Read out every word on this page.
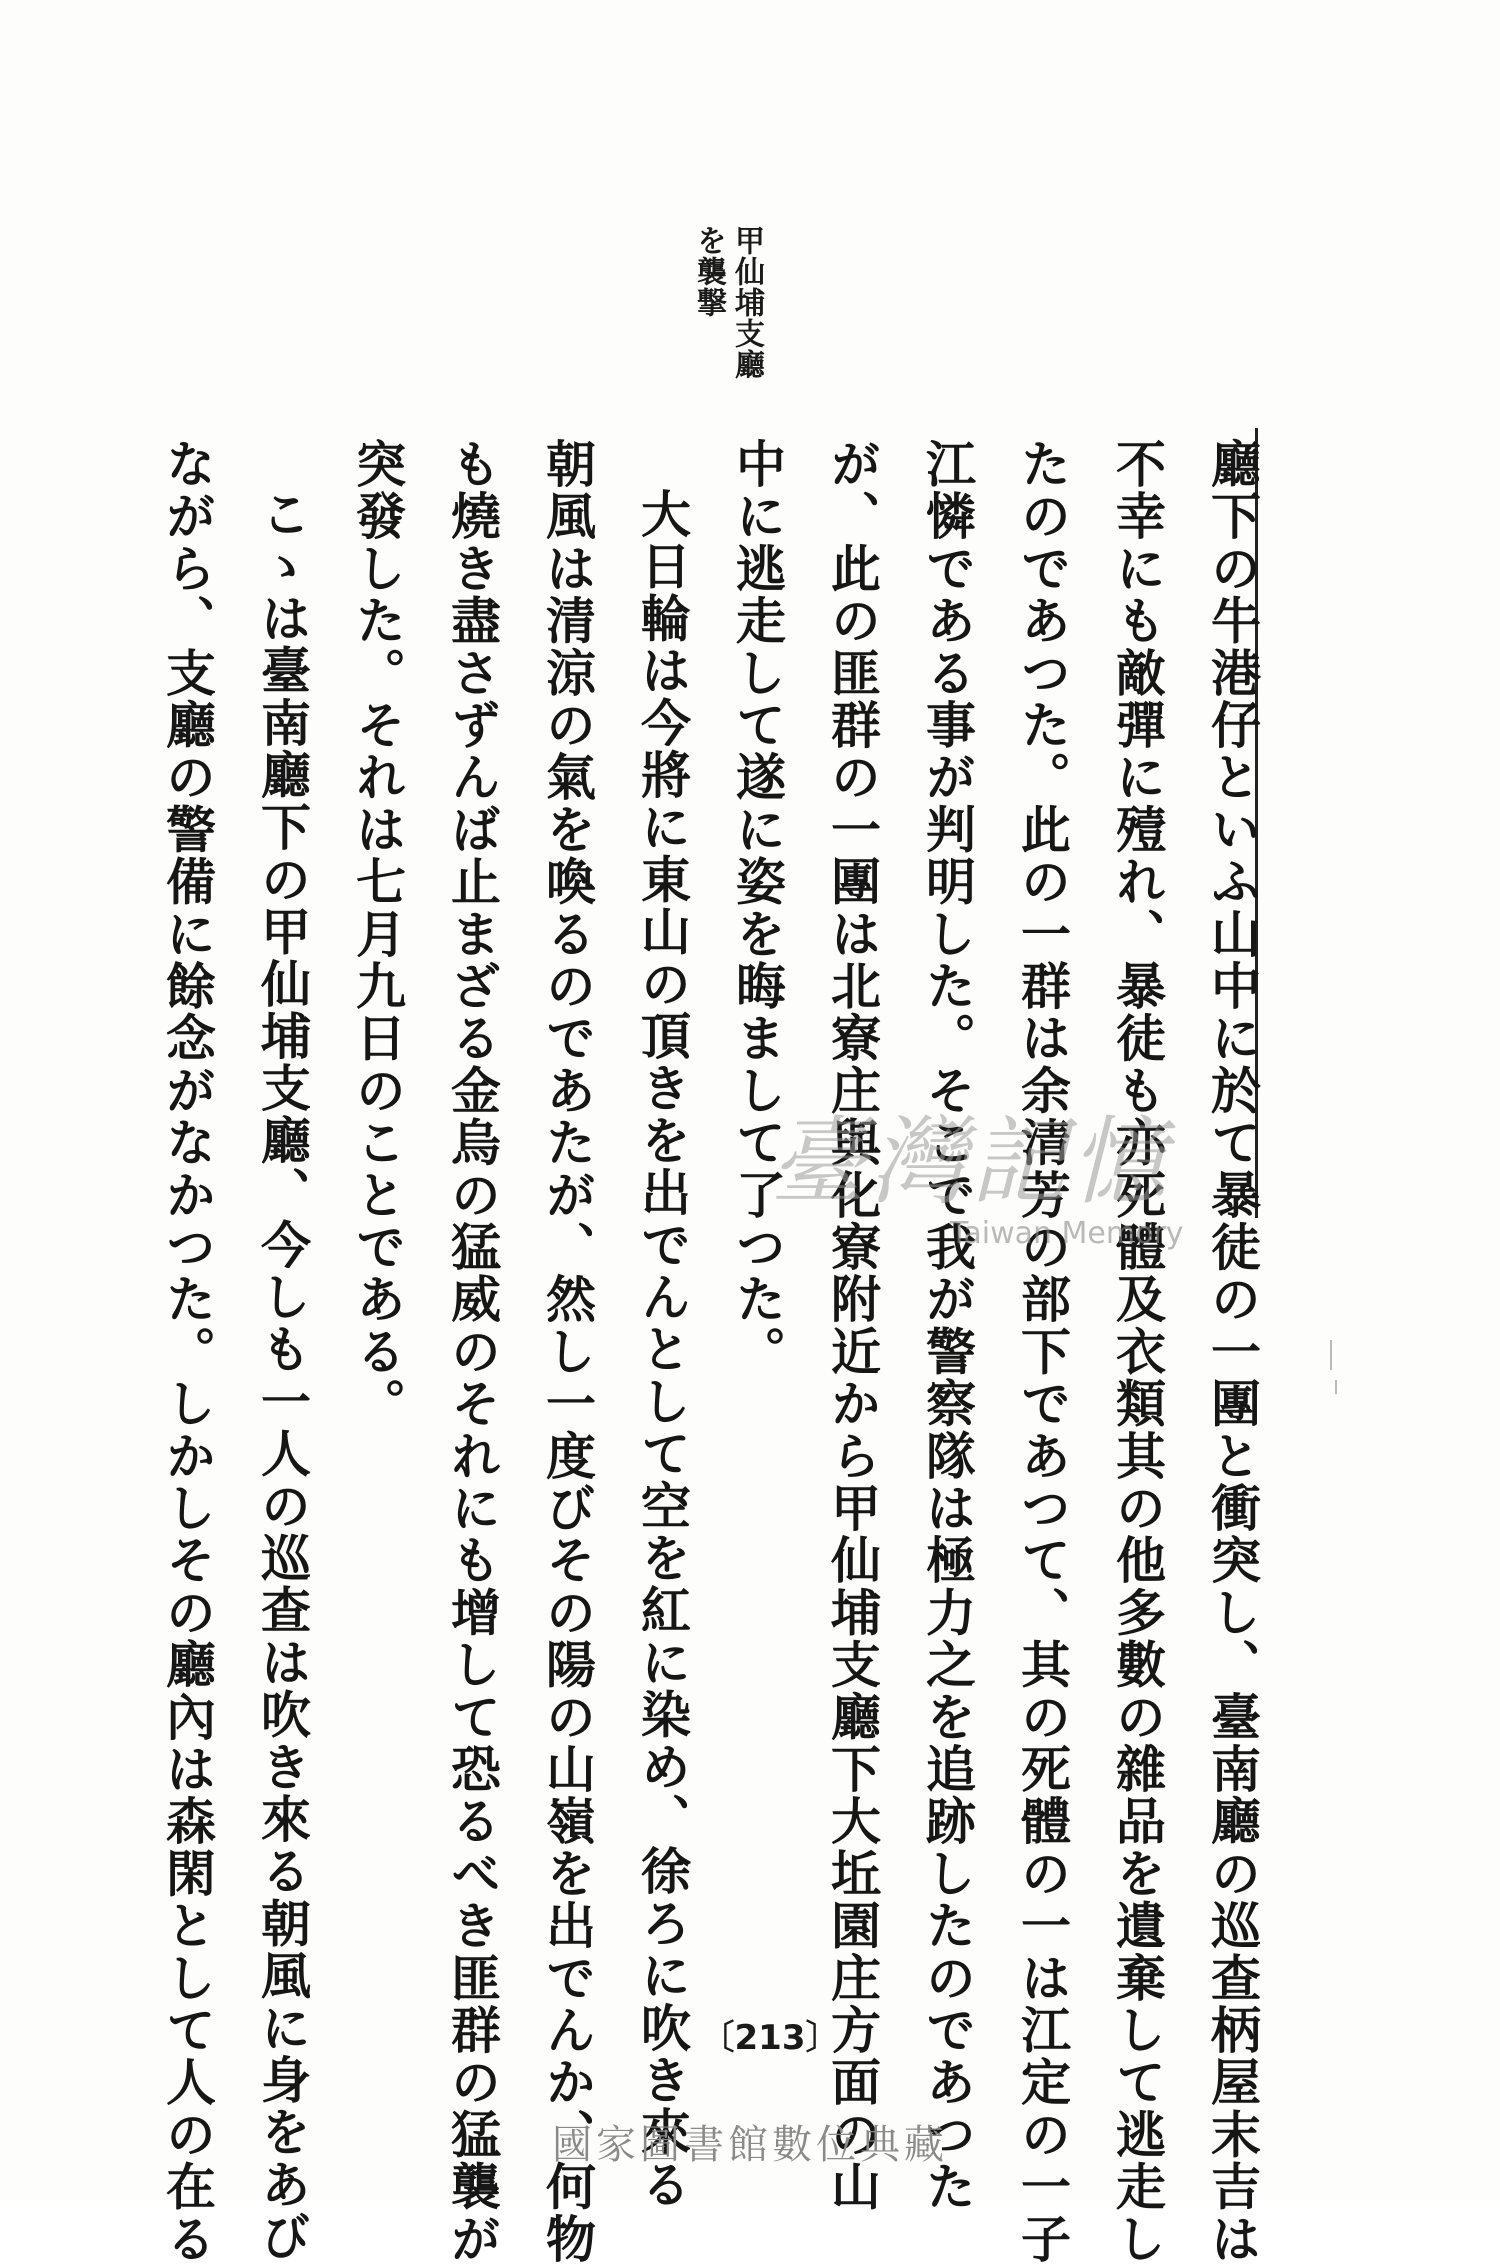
甲仙埔支廳
を襲撃
廳下の牛港仔といふ山中に於て暴徒の一團と衝突し、臺南廳の巡查柄屋末吉は
不幸にも敵彈に殪れ、暴徒も亦死體及衣類其の他多數の雜品を遺棄して逃走し
たのであつた。此の一群は余清芳の部下であつて、其の死體の一は江定の一子
江憐である事が判明した。そこで我が警察隊は極力之を追跡したのであつた
が、此の匪群の一團は北寮庄與化寮附近から甲仙埔支廳下大坵園庄方面の山
中に逃走して遂に姿を晦まして了つた。
大日輪は今將に東山の頂きを出でんとして空を紅に染め、徐ろに吹き來る
朝風は清涼の氣を喚るのであたが、然し一度びその陽の山嶺を出でんか、何物
も燒き盡さずんば止まざる金烏の猛威のそれにも增して恐るべき匪群の猛襲が
突發した。それは七月九日のことである。
こゝは臺南廳下の甲仙埔支廳、今しも一人の巡查は吹き來る朝風に身をあび
ながら、支廳の警備に餘念がなかつた。しかしその廳內は森閑として人の在る	臺灣記憶
Taiwan Memory
〔213〕
國家圖書館數位典藏
